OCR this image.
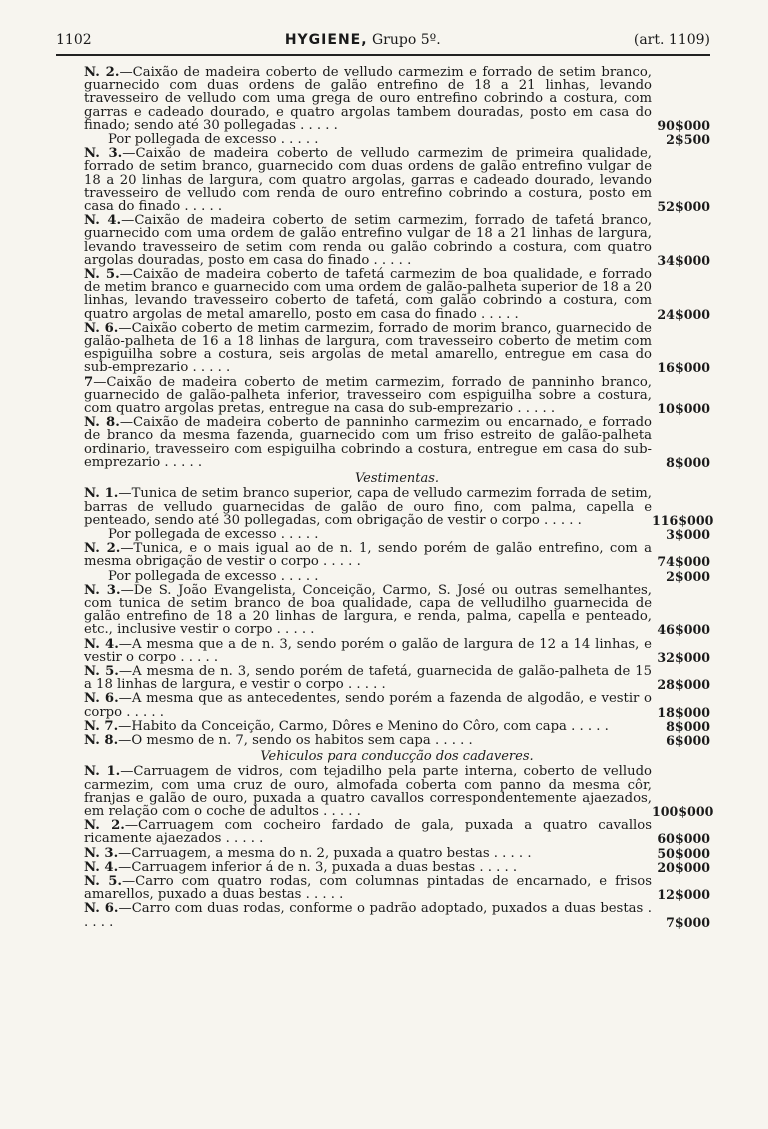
1102	HYGIENE, Grupo 5º.	(art. 1109)
N. 2.—Caixão de madeira coberto de velludo carmezim e forrado de setim branco, guarnecido com duas ordens de galão entrefino de 18 a 21 linhas, levando travesseiro de velludo com uma grega de ouro entrefino cobrindo a costura, com garras e cadeado dourado, e quatro argolas tambem douradas, posto em casa do finado; sendo até 30 pollegadas . . . . .	90$000
Por pollegada de excesso . . . . .	2$500
N. 3.—Caixão de madeira coberto de velludo carmezim de primeira qualidade, forrado de setim branco, guarnecido com duas ordens de galão entrefino vulgar de 18 a 20 linhas de largura, com quatro argolas, garras e cadeado dourado, levando travesseiro de velludo com renda de ouro entrefino cobrindo a costura, posto em casa do finado . . . . .	52$000
N. 4.—Caixão de madeira coberto de setim carmezim, forrado de tafetá branco, guarnecido com uma ordem de galão entrefino vulgar de 18 a 21 linhas de largura, levando travesseiro de setim com renda ou galão cobrindo a costura, com quatro argolas douradas, posto em casa do finado . . . . .	34$000
N. 5.—Caixão de madeira coberto de tafetá carmezim de boa qualidade, e forrado de metim branco e guarnecido com uma ordem de galão-palheta superior de 18 a 20 linhas, levando travesseiro coberto de tafetá, com galão cobrindo a costura, com quatro argolas de metal amarello, posto em casa do finado . . . . .	24$000
N. 6.—Caixão coberto de metim carmezim, forrado de morim branco, guarnecido de galão-palheta de 16 a 18 linhas de largura, com travesseiro coberto de metim com espiguilha sobre a costura, seis argolas de metal amarello, entregue em casa do sub-emprezario . . . . .	16$000
7—Caixão de madeira coberto de metim carmezim, forrado de panninho branco, guarnecido de galão-palheta inferior, travesseiro com espiguilha sobre a costura, com quatro argolas pretas, entregue na casa do sub-emprezario . . . . .	10$000
N. 8.—Caixão de madeira coberto de panninho carmezim ou encarnado, e forrado de branco da mesma fazenda, guarnecido com um friso estreito de galão-palheta ordinario, travesseiro com espiguilha cobrindo a costura, entregue em casa do sub-emprezario . . . . .	8$000
Vestimentas.
N. 1.—Tunica de setim branco superior, capa de velludo carmezim forrada de setim, barras de velludo guarnecidas de galão de ouro fino, com palma, capella e penteado, sendo até 30 pollegadas, com obrigação de vestir o corpo . . . . .	116$000
Por pollegada de excesso . . . . .	3$000
N. 2.—Tunica, e o mais igual ao de n. 1, sendo porém de galão entrefino, com a mesma obrigação de vestir o corpo . . . . .	74$000
Por pollegada de excesso . . . . .	2$000
N. 3.—De S. João Evangelista, Conceição, Carmo, S. José ou outras semelhantes, com tunica de setim branco de boa qualidade, capa de velludilho guarnecida de galão entrefino de 18 a 20 linhas de largura, e renda, palma, capella e penteado, etc., inclusive vestir o corpo . . . . .	46$000
N. 4.—A mesma que a de n. 3, sendo porém o galão de largura de 12 a 14 linhas, e vestir o corpo . . . . .	32$000
N. 5.—A mesma de n. 3, sendo porém de tafetá, guarnecida de galão-palheta de 15 a 18 linhas de largura, e vestir o corpo . . . . .	28$000
N. 6.—A mesma que as antecedentes, sendo porém a fazenda de algodão, e vestir o corpo . . . . .	18$000
N. 7.—Habito da Conceição, Carmo, Dôres e Menino do Côro, com capa . . . . .	8$000
N. 8.—O mesmo de n. 7, sendo os habitos sem capa . . . . .	6$000
Vehiculos para conducção dos cadaveres.
N. 1.—Carruagem de vidros, com tejadilho pela parte interna, coberto de velludo carmezim, com uma cruz de ouro, almofada coberta com panno da mesma côr, franjas e galão de ouro, puxada a quatro cavallos correspondentemente ajaezados, em relação com o coche de adultos . . . . .	100$000
N. 2.—Carruagem com cocheiro fardado de gala, puxada a quatro cavallos ricamente ajaezados . . . . .	60$000
N. 3.—Carruagem, a mesma do n. 2, puxada a quatro bestas . . . . .	50$000
N. 4.—Carruagem inferior á de n. 3, puxada a duas bestas . . . . .	20$000
N. 5.—Carro com quatro rodas, com columnas pintadas de encarnado, e frisos amarellos, puxado a duas bestas . . . . .	12$000
N. 6.—Carro com duas rodas, conforme o padrão adoptado, puxados a duas bestas . . . . .	7$000
